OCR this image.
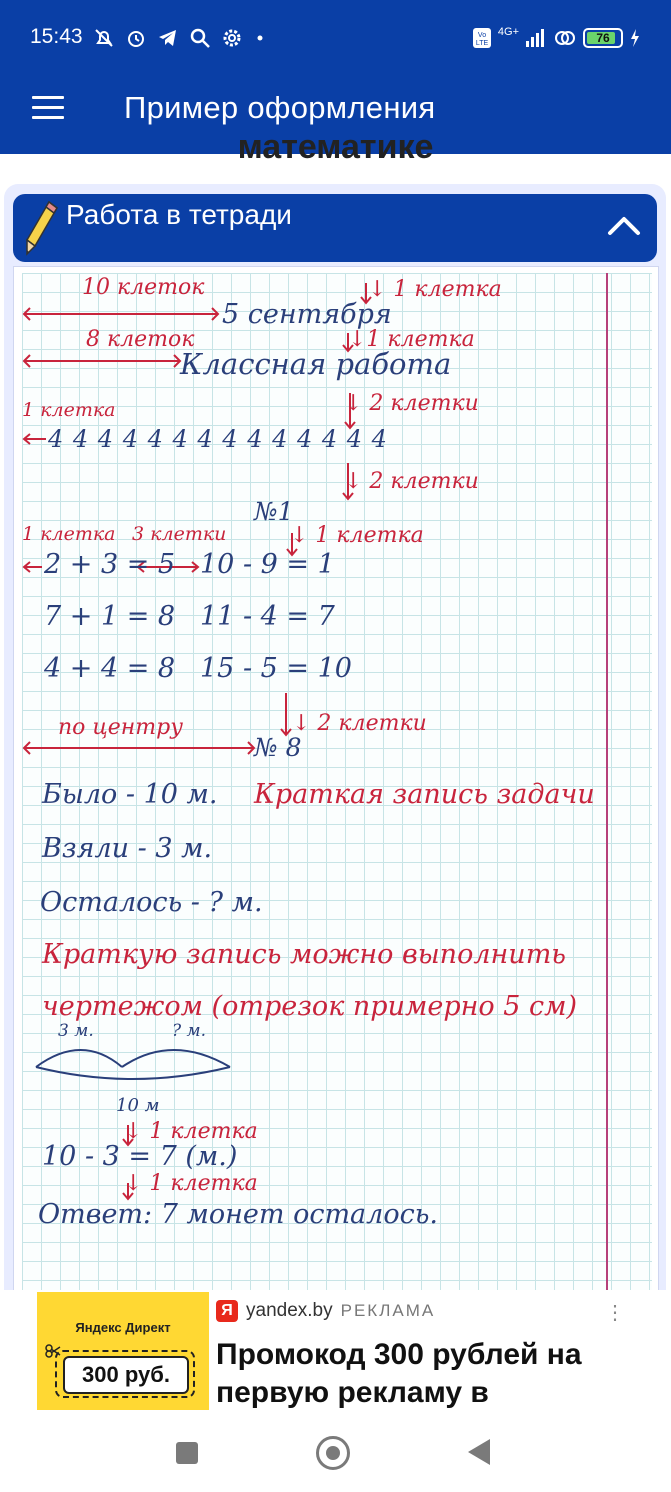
15:43	Vo
LTE
4G+	76
Пример оформления
математике
Работа в тетради
10 клеток
5 сентября
↓ 1 клетка
8 клеток	↓1 клетка
Классная работа
1 клетка
4 4 4 4 4 4 4 4 4 4 4 4 4 4
↓ 2 клетки
↓ 2 клетки
№1
1 клетка 3 клетки	↓ 1 клетка
2 + 3 = 5 10 - 9 = 1
7 + 1 = 8 11 - 4 = 7
4 + 4 = 8 15 - 5 = 10
по центру	↓ 2 клетки
№ 8
Было - 10 м. Краткая запись задачи
Взяли - 3 м.
Осталось - ? м.
Краткую запись можно выполнить
чертежом (отрезок примерно 5 см)
3 м.	? м.
10 м
↓ 1 клетка
10 - 3 = 7 (м.)
↓ 1 клетка
Ответ: 7 монет осталось.
Яндекс Директ
300 руб.
Я yandex.by РЕКЛАМА	⋮
Промокод 300 рублей на первую рекламу в
